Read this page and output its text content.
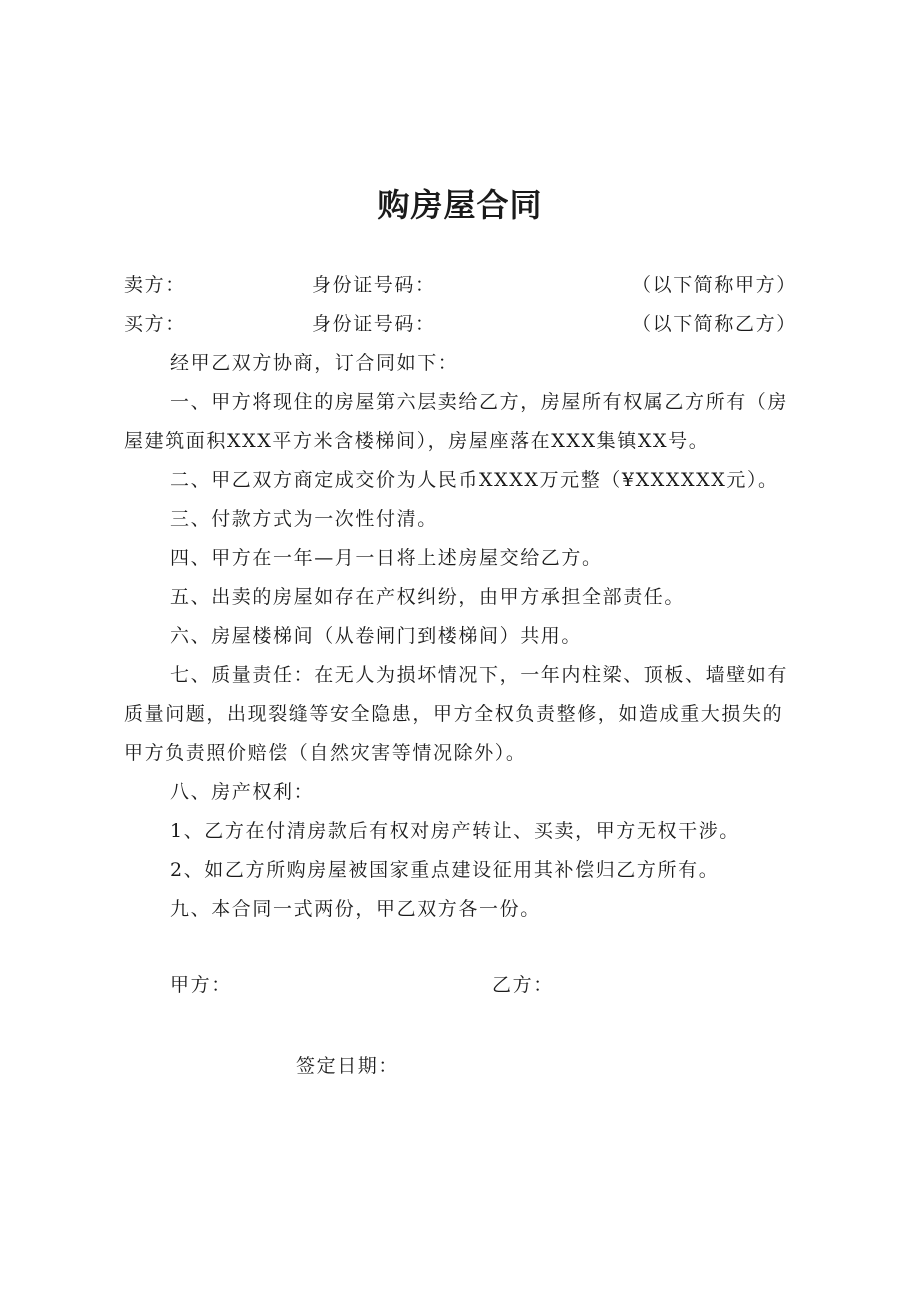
购房屋合同
卖方：	身份证号码：	（以下简称甲方）
买方：	身份证号码：	（以下简称乙方）
经甲乙双方协商，订合同如下：
一、甲方将现住的房屋第六层卖给乙方，房屋所有权属乙方所有（房
屋建筑面积XXX平方米含楼梯间），房屋座落在XXX集镇XX号。
二、甲乙双方商定成交价为人民币XXXX万元整（¥XXXXXX元）。
三、付款方式为一次性付清。
四、甲方在一年—月一日将上述房屋交给乙方。
五、出卖的房屋如存在产权纠纷，由甲方承担全部责任。
六、房屋楼梯间（从卷闸门到楼梯间）共用。
七、质量责任：在无人为损坏情况下，一年内柱梁、顶板、墙壁如有
质量问题，出现裂缝等安全隐患，甲方全权负责整修，如造成重大损失的
甲方负责照价赔偿（自然灾害等情况除外）。
八、房产权利：
1、乙方在付清房款后有权对房产转让、买卖，甲方无权干涉。
2、如乙方所购房屋被国家重点建设征用其补偿归乙方所有。
九、本合同一式两份，甲乙双方各一份。
甲方：	乙方：
签定日期：
